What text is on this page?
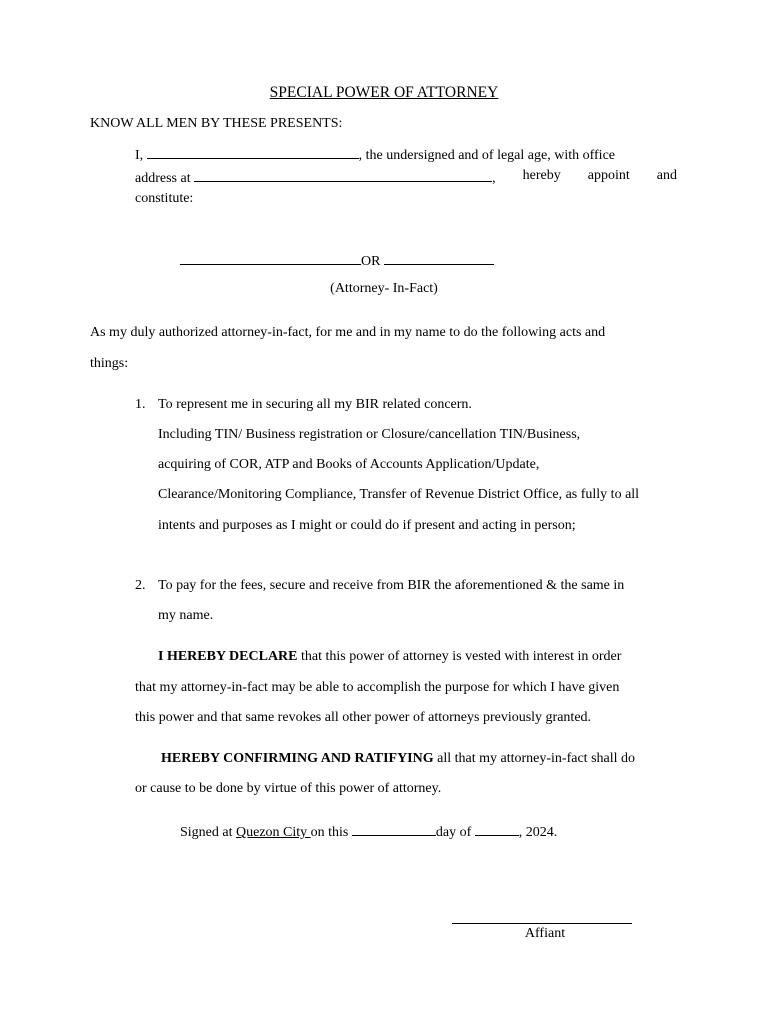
SPECIAL POWER OF ATTORNEY
KNOW ALL MEN BY THESE PRESENTS:
I,	, the undersigned and of legal age, with office
address at	, hereby appoint and
constitute:
OR
(Attorney- In-Fact)
As my duly authorized attorney-in-fact, for me and in my name to do the following acts and
things:
1. To represent me in securing all my BIR related concern.
Including TIN/ Business registration or Closure/cancellation TIN/Business,
acquiring of COR, ATP and Books of Accounts Application/Update,
Clearance/Monitoring Compliance, Transfer of Revenue District Office, as fully to all
intents and purposes as I might or could do if present and acting in person;
2. To pay for the fees, secure and receive from BIR the aforementioned & the same in
my name.
I HEREBY DECLARE that this power of attorney is vested with interest in order
that my attorney-in-fact may be able to accomplish the purpose for which I have given
this power and that same revokes all other power of attorneys previously granted.
HEREBY CONFIRMING AND RATIFYING all that my attorney-in-fact shall do
or cause to be done by virtue of this power of attorney.
Signed at Quezon City on this	day of	, 2024.
Affiant
